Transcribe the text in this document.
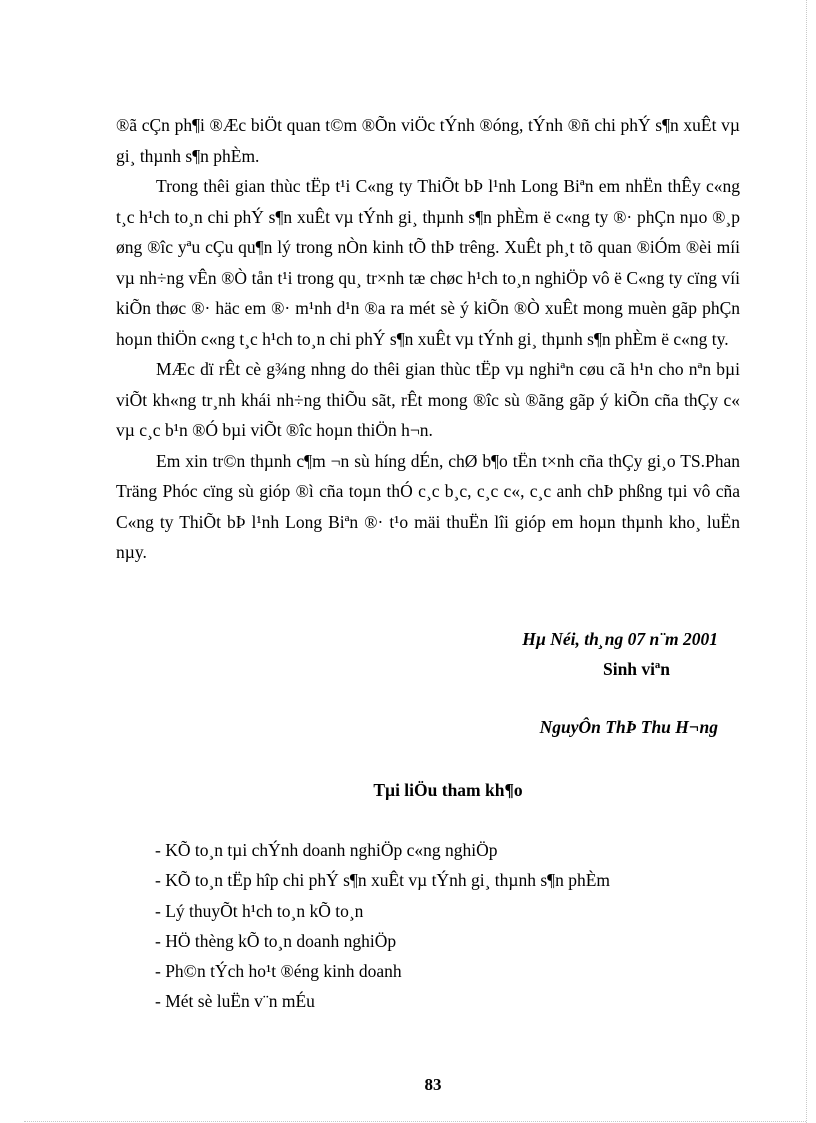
®ã cÇn ph¶i ®Æc biÖt quan t©m ®Õn viÖc tÝnh ®óng, tÝnh ®ñ chi phÝ s¶n xuÊt vµ gi¸ thµnh s¶n phÈm.

Trong thêi gian thùc tËp t¹i C«ng ty ThiÕt bÞ l¹nh Long Biªn em nhËn thÊy c«ng t¸c h¹ch to¸n chi phÝ s¶n xuÊt vµ tÝnh gi¸ thµnh s¶n phÈm ë c«ng ty ®· phÇn nµo ®¸p øng ®îc yªu cÇu qu¶n lý trong nÒn kinh tÕ thÞ trêng. XuÊt ph¸t tõ quan ®iÓm ®èi míi vµ nh÷ng vÊn ®Ò tån t¹i trong qu¸ tr×nh tæ chøc h¹ch to¸n nghiÖp vô ë C«ng ty cïng víi kiÕn thøc ®· häc em ®· m¹nh d¹n ®a ra mét sè ý kiÕn ®Ò xuÊt mong muèn gãp phÇn hoµn thiÖn c«ng t¸c h¹ch to¸n chi phÝ s¶n xuÊt vµ tÝnh gi¸ thµnh s¶n phÈm ë c«ng ty.

MÆc dï rÊt cè g¾ng nhng do thêi gian thùc tËp vµ nghiªn cøu cã h¹n cho nªn bµi viÕt kh«ng tr¸nh khái nh÷ng thiÕu sãt, rÊt mong ®îc sù ®ãng gãp ý kiÕn cña thÇy c« vµ c¸c b¹n ®Ó bµi viÕt ®îc hoµn thiÖn h¬n.

Em xin tr©n thµnh c¶m ¬n sù híng dÉn, chØ b¶o tËn t×nh cña thÇy gi¸o TS.Phan Träng Phóc cïng sù gióp ®ì cña toµn thÓ c¸c b¸c, c¸c c«, c¸c anh chÞ phßng tµi vô cña C«ng ty ThiÕt bÞ l¹nh Long Biªn ®· t¹o mäi thuËn lîi gióp em hoµn thµnh kho¸ luËn nµy.

Hµ Néi, th¸ng 07 n¨m 2001
Sinh viªn
NguyÔn ThÞ Thu H¬ng
Tµi liÖu tham kh¶o
- KÕ to¸n tµi chÝnh doanh nghiÖp c«ng nghiÖp
- KÕ to¸n tËp hîp chi phÝ s¶n xuÊt vµ tÝnh gi¸ thµnh s¶n phÈm
- Lý thuyÕt h¹ch to¸n kÕ to¸n
- HÖ thèng kÕ to¸n doanh nghiÖp
- Ph©n tÝch ho¹t ®éng kinh doanh
- Mét sè luËn v¨n mÉu
83
